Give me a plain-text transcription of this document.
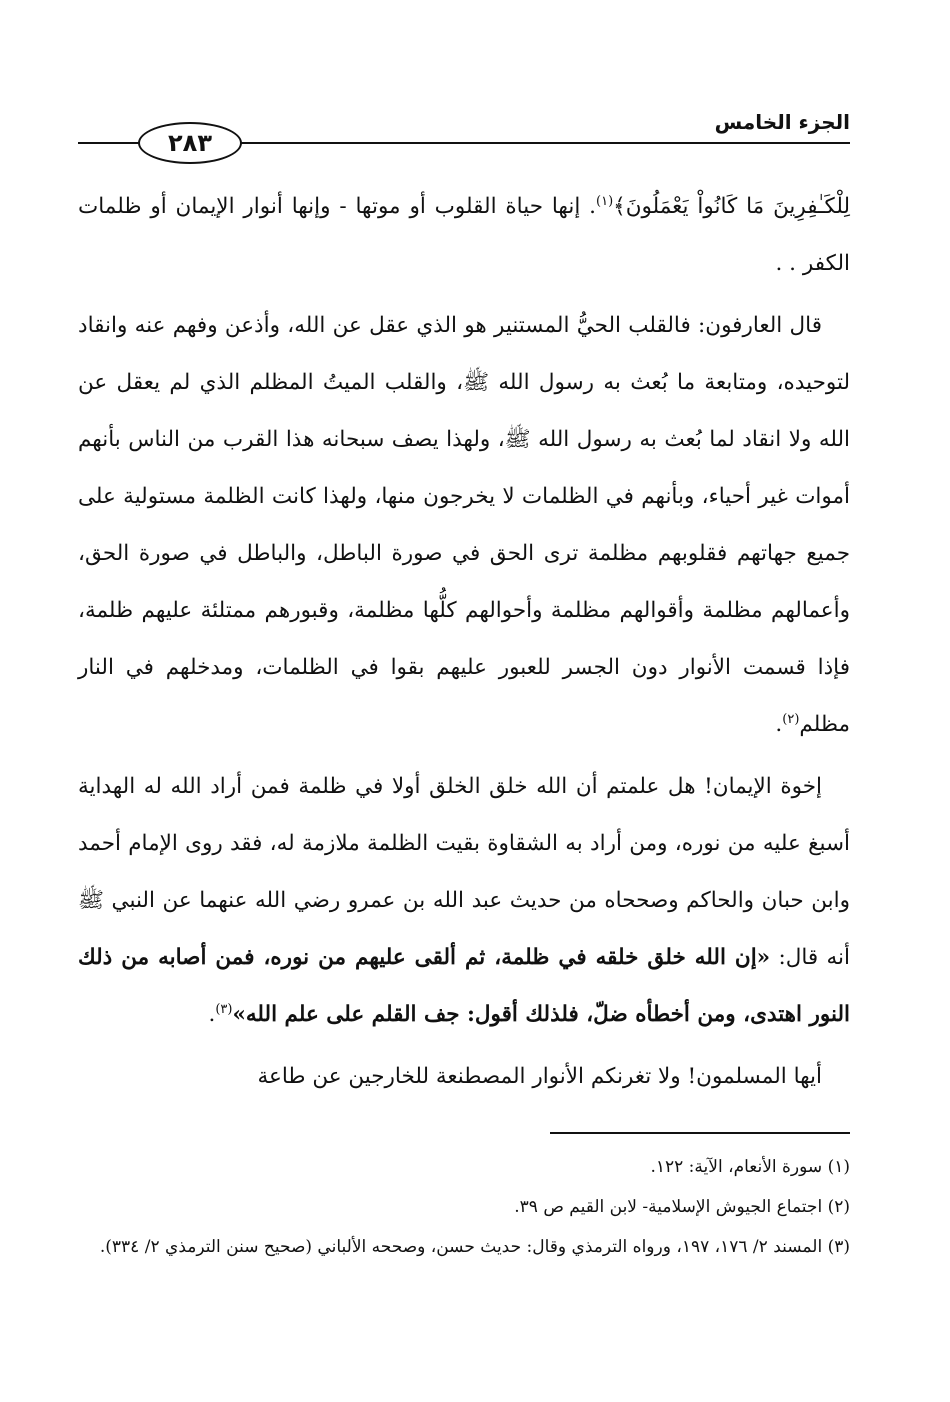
الجزء الخامس
٢٨٣

لِلْكَـٰفِرِينَ مَا كَانُواْ يَعْمَلُونَ﴾$^{(١)}$. إنها حياة القلوب أو موتها - وإنها أنوار الإيمان أو ظلمات الكفر . .

قال العارفون: فالقلب الحيُّ المستنير هو الذي عقل عن الله، وأذعن وفهم عنه وانقاد لتوحيده، ومتابعة ما بُعث به رسول الله ﷺ، والقلب الميتُ المظلم الذي لم يعقل عن الله ولا انقاد لما بُعث به رسول الله ﷺ، ولهذا يصف سبحانه هذا القرب من الناس بأنهم أموات غير أحياء، وبأنهم في الظلمات لا يخرجون منها، ولهذا كانت الظلمة مستولية على جميع جهاتهم فقلوبهم مظلمة ترى الحق في صورة الباطل، والباطل في صورة الحق، وأعمالهم مظلمة وأقوالهم مظلمة وأحوالهم كلُّها مظلمة، وقبورهم ممتلئة عليهم ظلمة، فإذا قسمت الأنوار دون الجسر للعبور عليهم بقوا في الظلمات، ومدخلهم في النار مظلم$^{(٢)}$.

إخوة الإيمان! هل علمتم أن الله خلق الخلق أولا في ظلمة فمن أراد الله له الهداية أسبغ عليه من نوره، ومن أراد به الشقاوة بقيت الظلمة ملازمة له، فقد روى الإمام أحمد وابن حبان والحاكم وصححاه من حديث عبد الله بن عمرو رضي الله عنهما عن النبي ﷺ أنه قال: «إن الله خلق خلقه في ظلمة، ثم ألقى عليهم من نوره، فمن أصابه من ذلك النور اهتدى، ومن أخطأه ضلّ، فلذلك أقول: جف القلم على علم الله»$^{(٣)}$.

أيها المسلمون! ولا تغرنكم الأنوار المصطنعة للخارجين عن طاعة

(١) سورة الأنعام، الآية: ١٢٢.

(٢) اجتماع الجيوش الإسلامية- لابن القيم ص ٣٩.

(٣) المسند ٢/ ١٧٦، ١٩٧، ورواه الترمذي وقال: حديث حسن، وصححه الألباني (صحيح سنن الترمذي ٢/ ٣٣٤).
